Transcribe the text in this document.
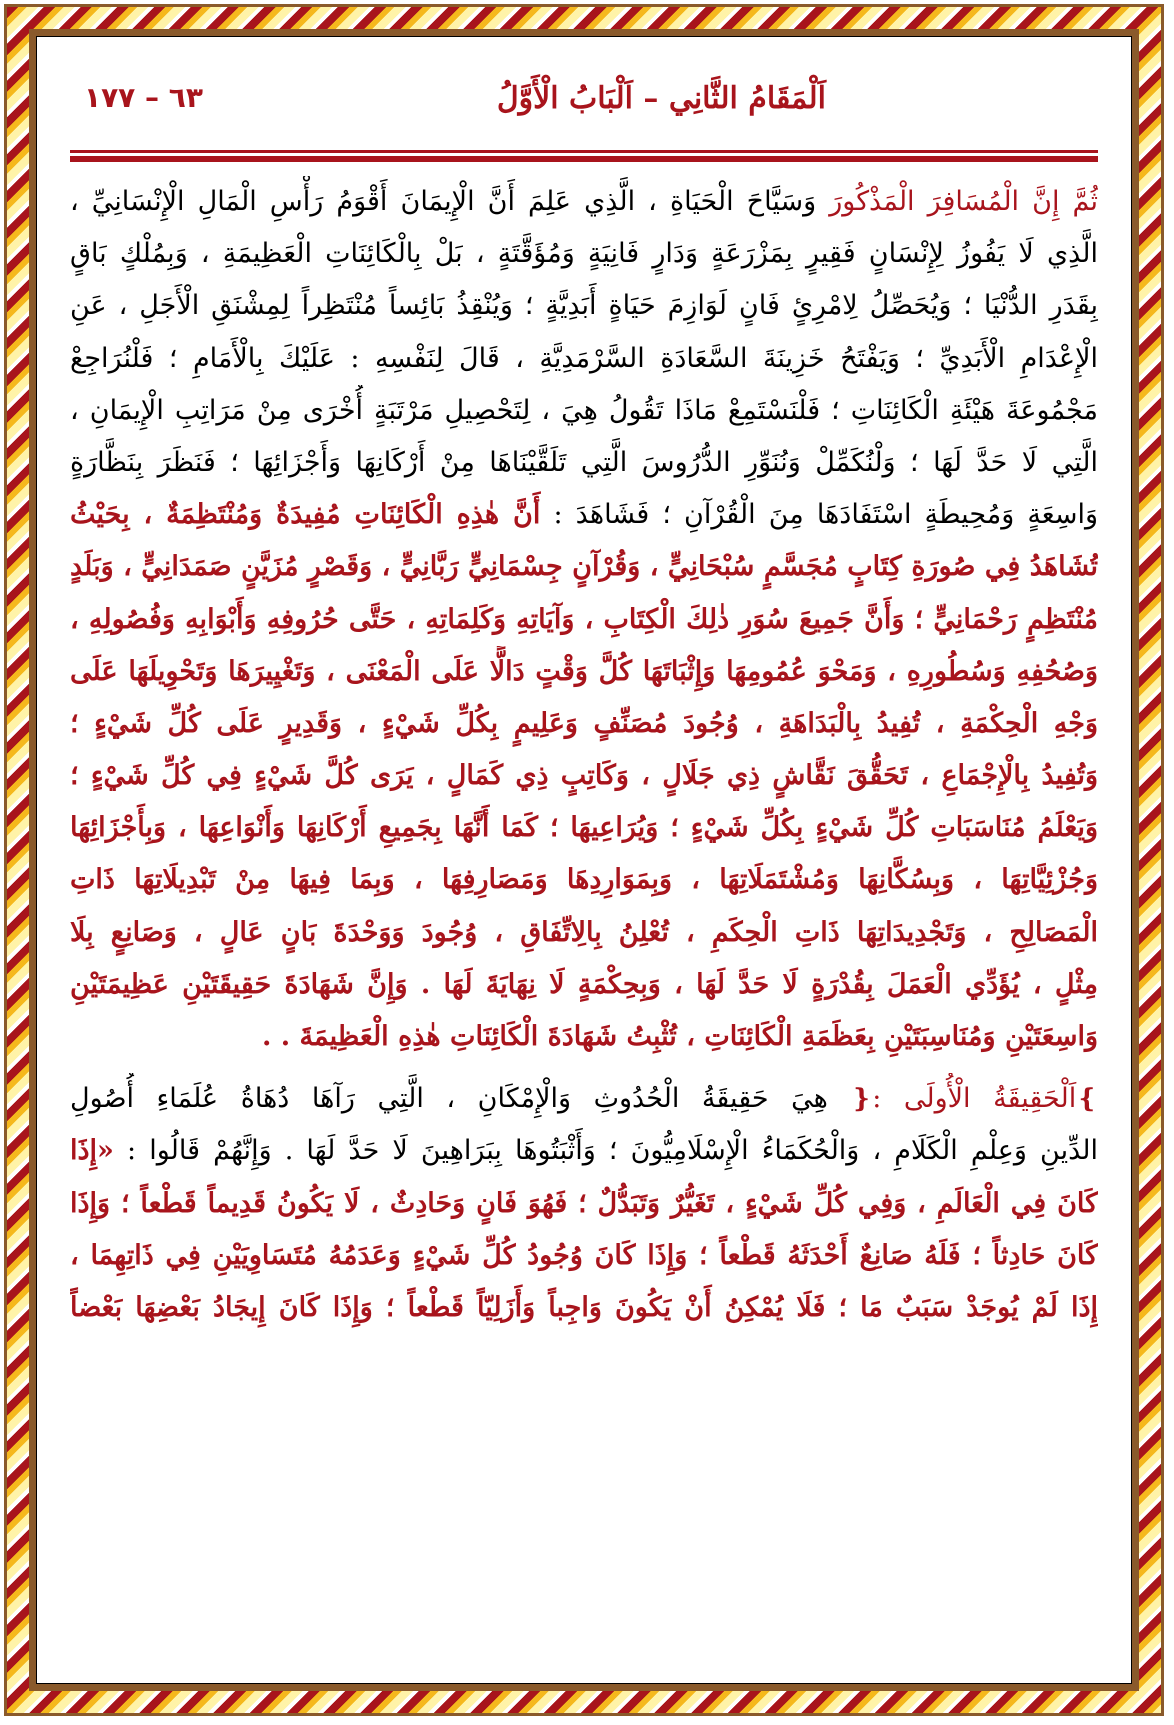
اَلْمَقَامُ الثَّانِي – اَلْبَابُ الْأَوَّلُ
٦٣ – ١٧٧
ثُمَّ إِنَّ الْمُسَافِرَ الْمَذْكُورَ وَسَيَّاحَ الْحَيَاةِ ، الَّذِي عَلِمَ أَنَّ الْإِيمَانَ أَقْوَمُ رَأْسِ الْمَالِ الْإِنْسَانِيِّ ،
الَّذِي لَا يَفُوزُ لِإِنْسَانٍ فَقِيرٍ بِمَزْرَعَةٍ وَدَارٍ فَانِيَةٍ وَمُؤَقَّتَةٍ ، بَلْ بِالْكَائِنَاتِ الْعَظِيمَةِ ، وَبِمُلْكٍ بَاقٍ
بِقَدَرِ الدُّنْيَا ؛ وَيُحَصِّلُ لِامْرِئٍ فَانٍ لَوَازِمَ حَيَاةٍ أَبَدِيَّةٍ ؛ وَيُنْقِذُ بَائِساً مُنْتَظِراً لِمِشْنَقِ الْأَجَلِ ، عَنِ
الْإِعْدَامِ الْأَبَدِيِّ ؛ وَيَفْتَحُ خَزِينَةَ السَّعَادَةِ السَّرْمَدِيَّةِ ، قَالَ لِنَفْسِهِ : عَلَيْكَ بِالْأَمَامِ ؛ فَلْنُرَاجِعْ
مَجْمُوعَةَ هَيْئَةِ الْكَائِنَاتِ ؛ فَلْنَسْتَمِعْ مَاذَا تَقُولُ هِيَ ، لِتَحْصِيلِ مَرْتَبَةٍ أُخْرَى مِنْ مَرَاتِبِ الْإِيمَانِ ،
الَّتِي لَا حَدَّ لَهَا ؛ وَلْنُكَمِّلْ وَنُنَوِّرِ الدُّرُوسَ الَّتِي تَلَقَّيْنَاهَا مِنْ أَرْكَانِهَا وَأَجْزَائِهَا ؛ فَنَظَرَ بِنَظَّارَةٍ
وَاسِعَةٍ وَمُحِيطَةٍ اسْتَفَادَهَا مِنَ الْقُرْآنِ ؛ فَشَاهَدَ : أَنَّ هٰذِهِ الْكَائِنَاتِ مُفِيدَةٌ وَمُنْتَظِمَةٌ ، بِحَيْثُ
تُشَاهَدُ فِي صُورَةِ كِتَابٍ مُجَسَّمٍ سُبْحَانِيٍّ ، وَقُرْآنٍ جِسْمَانِيٍّ رَبَّانِيٍّ ، وَقَصْرٍ مُزَيَّنٍ صَمَدَانِيٍّ ، وَبَلَدٍ
مُنْتَظِمٍ رَحْمَانِيٍّ ؛ وَأَنَّ جَمِيعَ سُوَرِ ذٰلِكَ الْكِتَابِ ، وَآيَاتِهِ وَكَلِمَاتِهِ ، حَتَّى حُرُوفِهِ وَأَبْوَابِهِ وَفُصُولِهِ ،
وَصُحُفِهِ وَسُطُورِهِ ، وَمَحْوَ عُمُومِهَا وَإِثْبَاتَهَا كُلَّ وَقْتٍ دَالًّا عَلَى الْمَعْنَى ، وَتَغْيِيرَهَا وَتَحْوِيلَهَا عَلَى
وَجْهِ الْحِكْمَةِ ، تُفِيدُ بِالْبَدَاهَةِ ، وُجُودَ مُصَنِّفٍ وَعَلِيمٍ بِكُلِّ شَيْءٍ ، وَقَدِيرٍ عَلَى كُلِّ شَيْءٍ ؛
وَتُفِيدُ بِالْإِجْمَاعِ ، تَحَقُّقَ نَقَّاشٍ ذِي جَلَالٍ ، وَكَاتِبٍ ذِي كَمَالٍ ، يَرَى كُلَّ شَيْءٍ فِي كُلِّ شَيْءٍ ؛
وَيَعْلَمُ مُنَاسَبَاتِ كُلِّ شَيْءٍ بِكُلِّ شَيْءٍ ؛ وَيُرَاعِيهَا ؛ كَمَا أَنَّهَا بِجَمِيعِ أَرْكَانِهَا وَأَنْوَاعِهَا ، وَبِأَجْزَائِهَا
وَجُزْئِيَّاتِهَا ، وَبِسُكَّانِهَا وَمُشْتَمَلَاتِهَا ، وَبِمَوَارِدِهَا وَمَصَارِفِهَا ، وَبِمَا فِيهَا مِنْ تَبْدِيلَاتِهَا ذَاتِ
الْمَصَالِحِ ، وَتَجْدِيدَاتِهَا ذَاتِ الْحِكَمِ ، تُعْلِنُ بِالِاتِّفَاقِ ، وُجُودَ وَوَحْدَةَ بَانٍ عَالٍ ، وَصَانِعٍ بِلَا
مِثْلٍ ، يُؤَدِّي الْعَمَلَ بِقُدْرَةٍ لَا حَدَّ لَهَا ، وَبِحِكْمَةٍ لَا نِهَايَةَ لَهَا . وَإِنَّ شَهَادَةَ حَقِيقَتَيْنِ عَظِيمَتَيْنِ
وَاسِعَتَيْنِ وَمُنَاسِبَتَيْنِ بِعَظَمَةِ الْكَائِنَاتِ ، تُثْبِتُ شَهَادَةَ الْكَائِنَاتِ هٰذِهِ الْعَظِيمَةَ . .
❵اَلْحَقِيقَةُ الْأُولَى :❴ هِيَ حَقِيقَةُ الْحُدُوثِ وَالْإِمْكَانِ ، الَّتِي رَآهَا دُهَاةُ عُلَمَاءِ أُصُولِ
الدِّينِ وَعِلْمِ الْكَلَامِ ، وَالْحُكَمَاءُ الْإِسْلَامِيُّونَ ؛ وَأَثْبَتُوهَا بِبَرَاهِينَ لَا حَدَّ لَهَا . وَإِنَّهُمْ قَالُوا : «إِذَا
كَانَ فِي الْعَالَمِ ، وَفِي كُلِّ شَيْءٍ ، تَغَيُّرٌ وَتَبَدُّلٌ ؛ فَهُوَ فَانٍ وَحَادِثٌ ، لَا يَكُونُ قَدِيماً قَطْعاً ؛ وَإِذَا
كَانَ حَادِثاً ؛ فَلَهُ صَانِعٌ أَحْدَثَهُ قَطْعاً ؛ وَإِذَا كَانَ وُجُودُ كُلِّ شَيْءٍ وَعَدَمُهُ مُتَسَاوِيَيْنِ فِي ذَاتِهِمَا ،
إِذَا لَمْ يُوجَدْ سَبَبٌ مَا ؛ فَلَا يُمْكِنُ أَنْ يَكُونَ وَاجِباً وَأَزَلِيّاً قَطْعاً ؛ وَإِذَا كَانَ إِيجَادُ بَعْضِهَا بَعْضاً
